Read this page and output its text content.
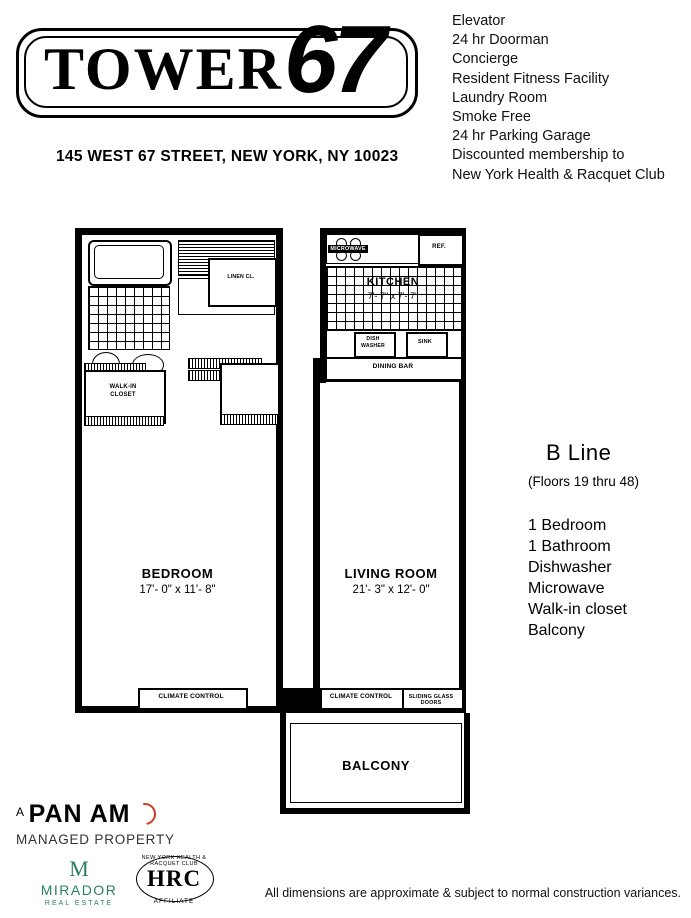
TOWER 67
145 WEST 67 STREET, NEW YORK, NY 10023
Elevator
24 hr Doorman
Concierge
Resident Fitness Facility
Laundry Room
Smoke Free
24 hr Parking Garage
Discounted membership to
New York Health & Racquet Club
B Line
(Floors 19 thru 48)
1 Bedroom
1 Bathroom
Dishwasher
Microwave
Walk-in closet
Balcony
LINEN CL.
WALK-IN
CLOSET
MICROWAVE	REF.
KITCHEN
7'- 7" x 7'- 7"
DISH
WASHER
SINK
DINING BAR
BEDROOM
17'- 0" x 11'- 8"
LIVING ROOM
21'- 3" x 12'- 0"
BALCONY
CLIMATE CONTROL	CLIMATE CONTROL	SLIDING GLASS DOORS
A PAN AM
MANAGED PROPERTY
M
MIRADOR
REAL ESTATE
NEW YORK HEALTH & RACQUET CLUB
HRC
AFFILIATE
All dimensions are approximate & subject to normal construction variances.
